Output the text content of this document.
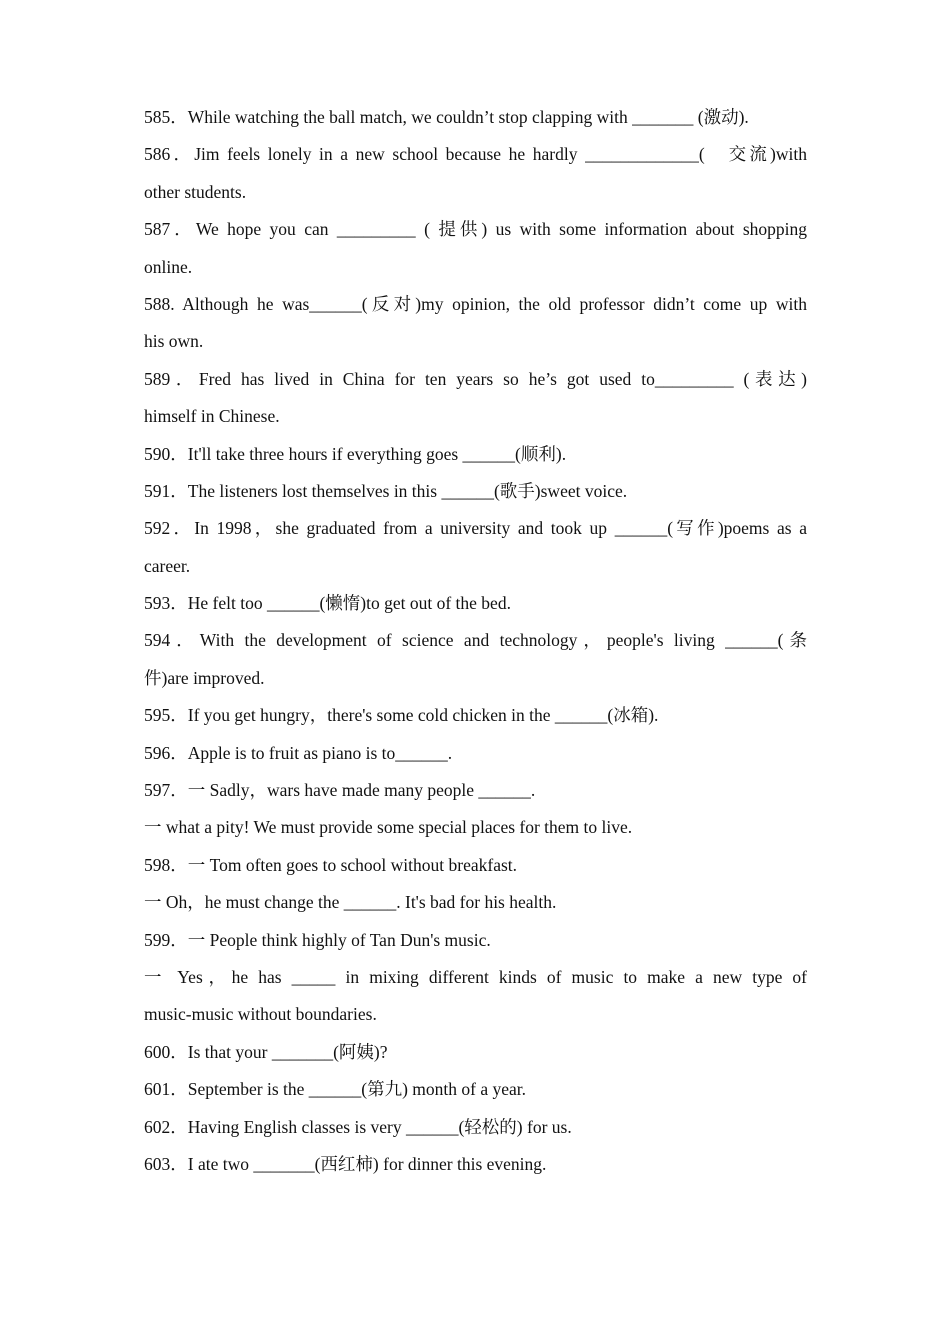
585．While watching the ball match, we couldn’t stop clapping with _______ (激动).
586．Jim feels lonely in a new school because he hardly _____________(　交流)with
other students.
587．We hope you can _________ ( 提供) us with some information about shopping
online.
588. Although he was______(反对)my opinion, the old professor didn’t come up with
his own.
589．Fred has lived in China for ten years so he’s got used to_________ (表达)
himself in Chinese.
590．It'll take three hours if everything goes ______(顺利).
591．The listeners lost themselves in this ______(歌手)sweet voice.
592．In 1998，she graduated from a university and took up ______(写作)poems as a
career.
593．He felt too ______(懒惰)to get out of the bed.
594．With the development of science and technology，people's living ______(条
件)are improved.
595．If you get hungry，there's some cold chicken in the ______(冰箱).
596．Apple is to fruit as piano is to______.
597．一 Sadly，wars have made many people ______.
一 what a pity! We must provide some special places for them to live.
598．一 Tom often goes to school without breakfast.
一 Oh，he must change the ______. It's bad for his health.
599．一 People think highly of Tan Dun's music.
一 Yes，he has _____ in mixing different kinds of music to make a new type of
music-music without boundaries.
600．Is that your _______(阿姨)?
601．September is the ______(第九) month of a year.
602．Having English classes is very ______(轻松的) for us.
603．I ate two _______(西红柿) for dinner this evening.
